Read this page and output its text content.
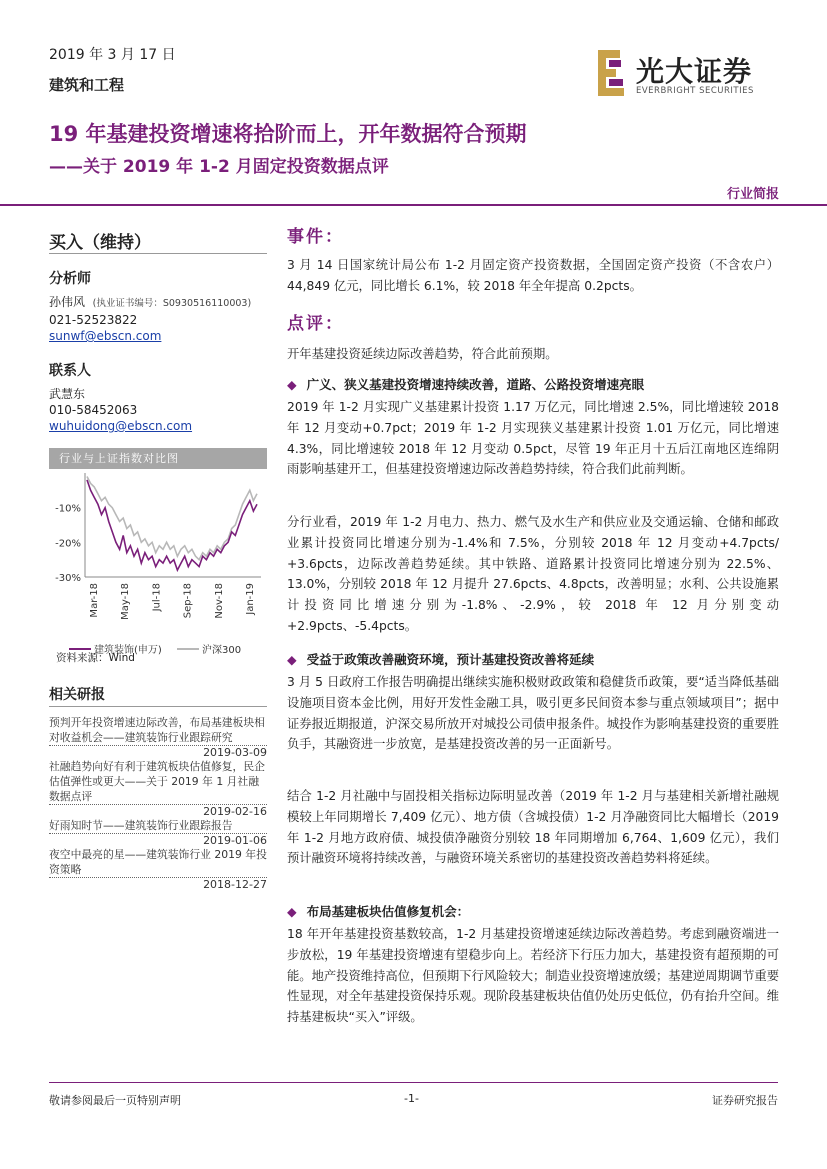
2019 年 3 月 17 日
建筑和工程	光大证券
EVERBRIGHT SECURITIES
19 年基建投资增速将拾阶而上，开年数据符合预期
——关于 2019 年 1-2 月固定投资数据点评
行业简报
买入（维持）
分析师
孙伟风 (执业证书编号：S0930516110003)
021-52523822
sunwf@ebscn.com
联系人
武慧东
010-58452063
wuhuidong@ebscn.com
行业与上证指数对比图
-10%
-20%
-30%
Mar-18 May-18 Jul-18 Sep-18 Nov-18 Jan-19
建筑装饰(申万)	沪深300
资料来源：Wind
相关研报
预判开年投资增速边际改善，布局基建板块相对收益机会——建筑装饰行业跟踪研究
2019-03-09
社融趋势向好有利于建筑板块估值修复，民企估值弹性或更大——关于 2019 年 1 月社融数据点评
2019-02-16
好雨知时节——建筑装饰行业跟踪报告
2019-01-06
夜空中最亮的星——建筑装饰行业 2019 年投资策略
2018-12-27
事件：
3 月 14 日国家统计局公布 1-2 月固定资产投资数据，全国固定资产投资（不含农户）44,849 亿元，同比增长 6.1%，较 2018 年全年提高 0.2pcts。
点评：
开年基建投资延续边际改善趋势，符合此前预期。
◆ 广义、狭义基建投资增速持续改善，道路、公路投资增速亮眼
2019 年 1-2 月实现广义基建累计投资 1.17 万亿元，同比增速 2.5%，同比增速较 2018 年 12 月变动+0.7pct；2019 年 1-2 月实现狭义基建累计投资 1.01 万亿元，同比增速 4.3%，同比增速较 2018 年 12 月变动 0.5pct，尽管 19 年正月十五后江南地区连绵阴雨影响基建开工，但基建投资增速边际改善趋势持续，符合我们此前判断。
分行业看，2019 年 1-2 月电力、热力、燃气及水生产和供应业及交通运输、仓储和邮政业累计投资同比增速分别为-1.4%和 7.5%，分别较 2018 年 12 月变动+4.7pcts/ +3.6pcts，边际改善趋势延续。其中铁路、道路累计投资同比增速分别为 22.5%、13.0%，分别较 2018 年 12 月提升 27.6pcts、4.8pcts，改善明显；水利、公共设施累计投资同比增速分别为-1.8%、-2.9%，较 2018 年 12 月分别变动+2.9pcts、-5.4pcts。
◆ 受益于政策改善融资环境，预计基建投资改善将延续
3 月 5 日政府工作报告明确提出继续实施积极财政政策和稳健货币政策，要“适当降低基础设施项目资本金比例，用好开发性金融工具，吸引更多民间资本参与重点领域项目”；据中证券报近期报道，沪深交易所放开对城投公司债申报条件。城投作为影响基建投资的重要胜负手，其融资进一步放宽，是基建投资改善的另一正面新号。
结合 1-2 月社融中与固投相关指标边际明显改善（2019 年 1-2 月与基建相关新增社融规模较上年同期增长 7,409 亿元）、地方债（含城投债）1-2 月净融资同比大幅增长（2019 年 1-2 月地方政府债、城投债净融资分别较 18 年同期增加 6,764、1,609 亿元），我们预计融资环境将持续改善，与融资环境关系密切的基建投资改善趋势料将延续。
◆ 布局基建板块估值修复机会：
18 年开年基建投资基数较高，1-2 月基建投资增速延续边际改善趋势。考虑到融资端进一步放松，19 年基建投资增速有望稳步向上。若经济下行压力加大，基建投资有超预期的可能。地产投资维持高位，但预期下行风险较大；制造业投资增速放缓；基建逆周期调节重要性显现，对全年基建投资保持乐观。现阶段基建板块估值仍处历史低位，仍有抬升空间。维持基建板块“买入”评级。
敬请参阅最后一页特别声明	-1-	证券研究报告
